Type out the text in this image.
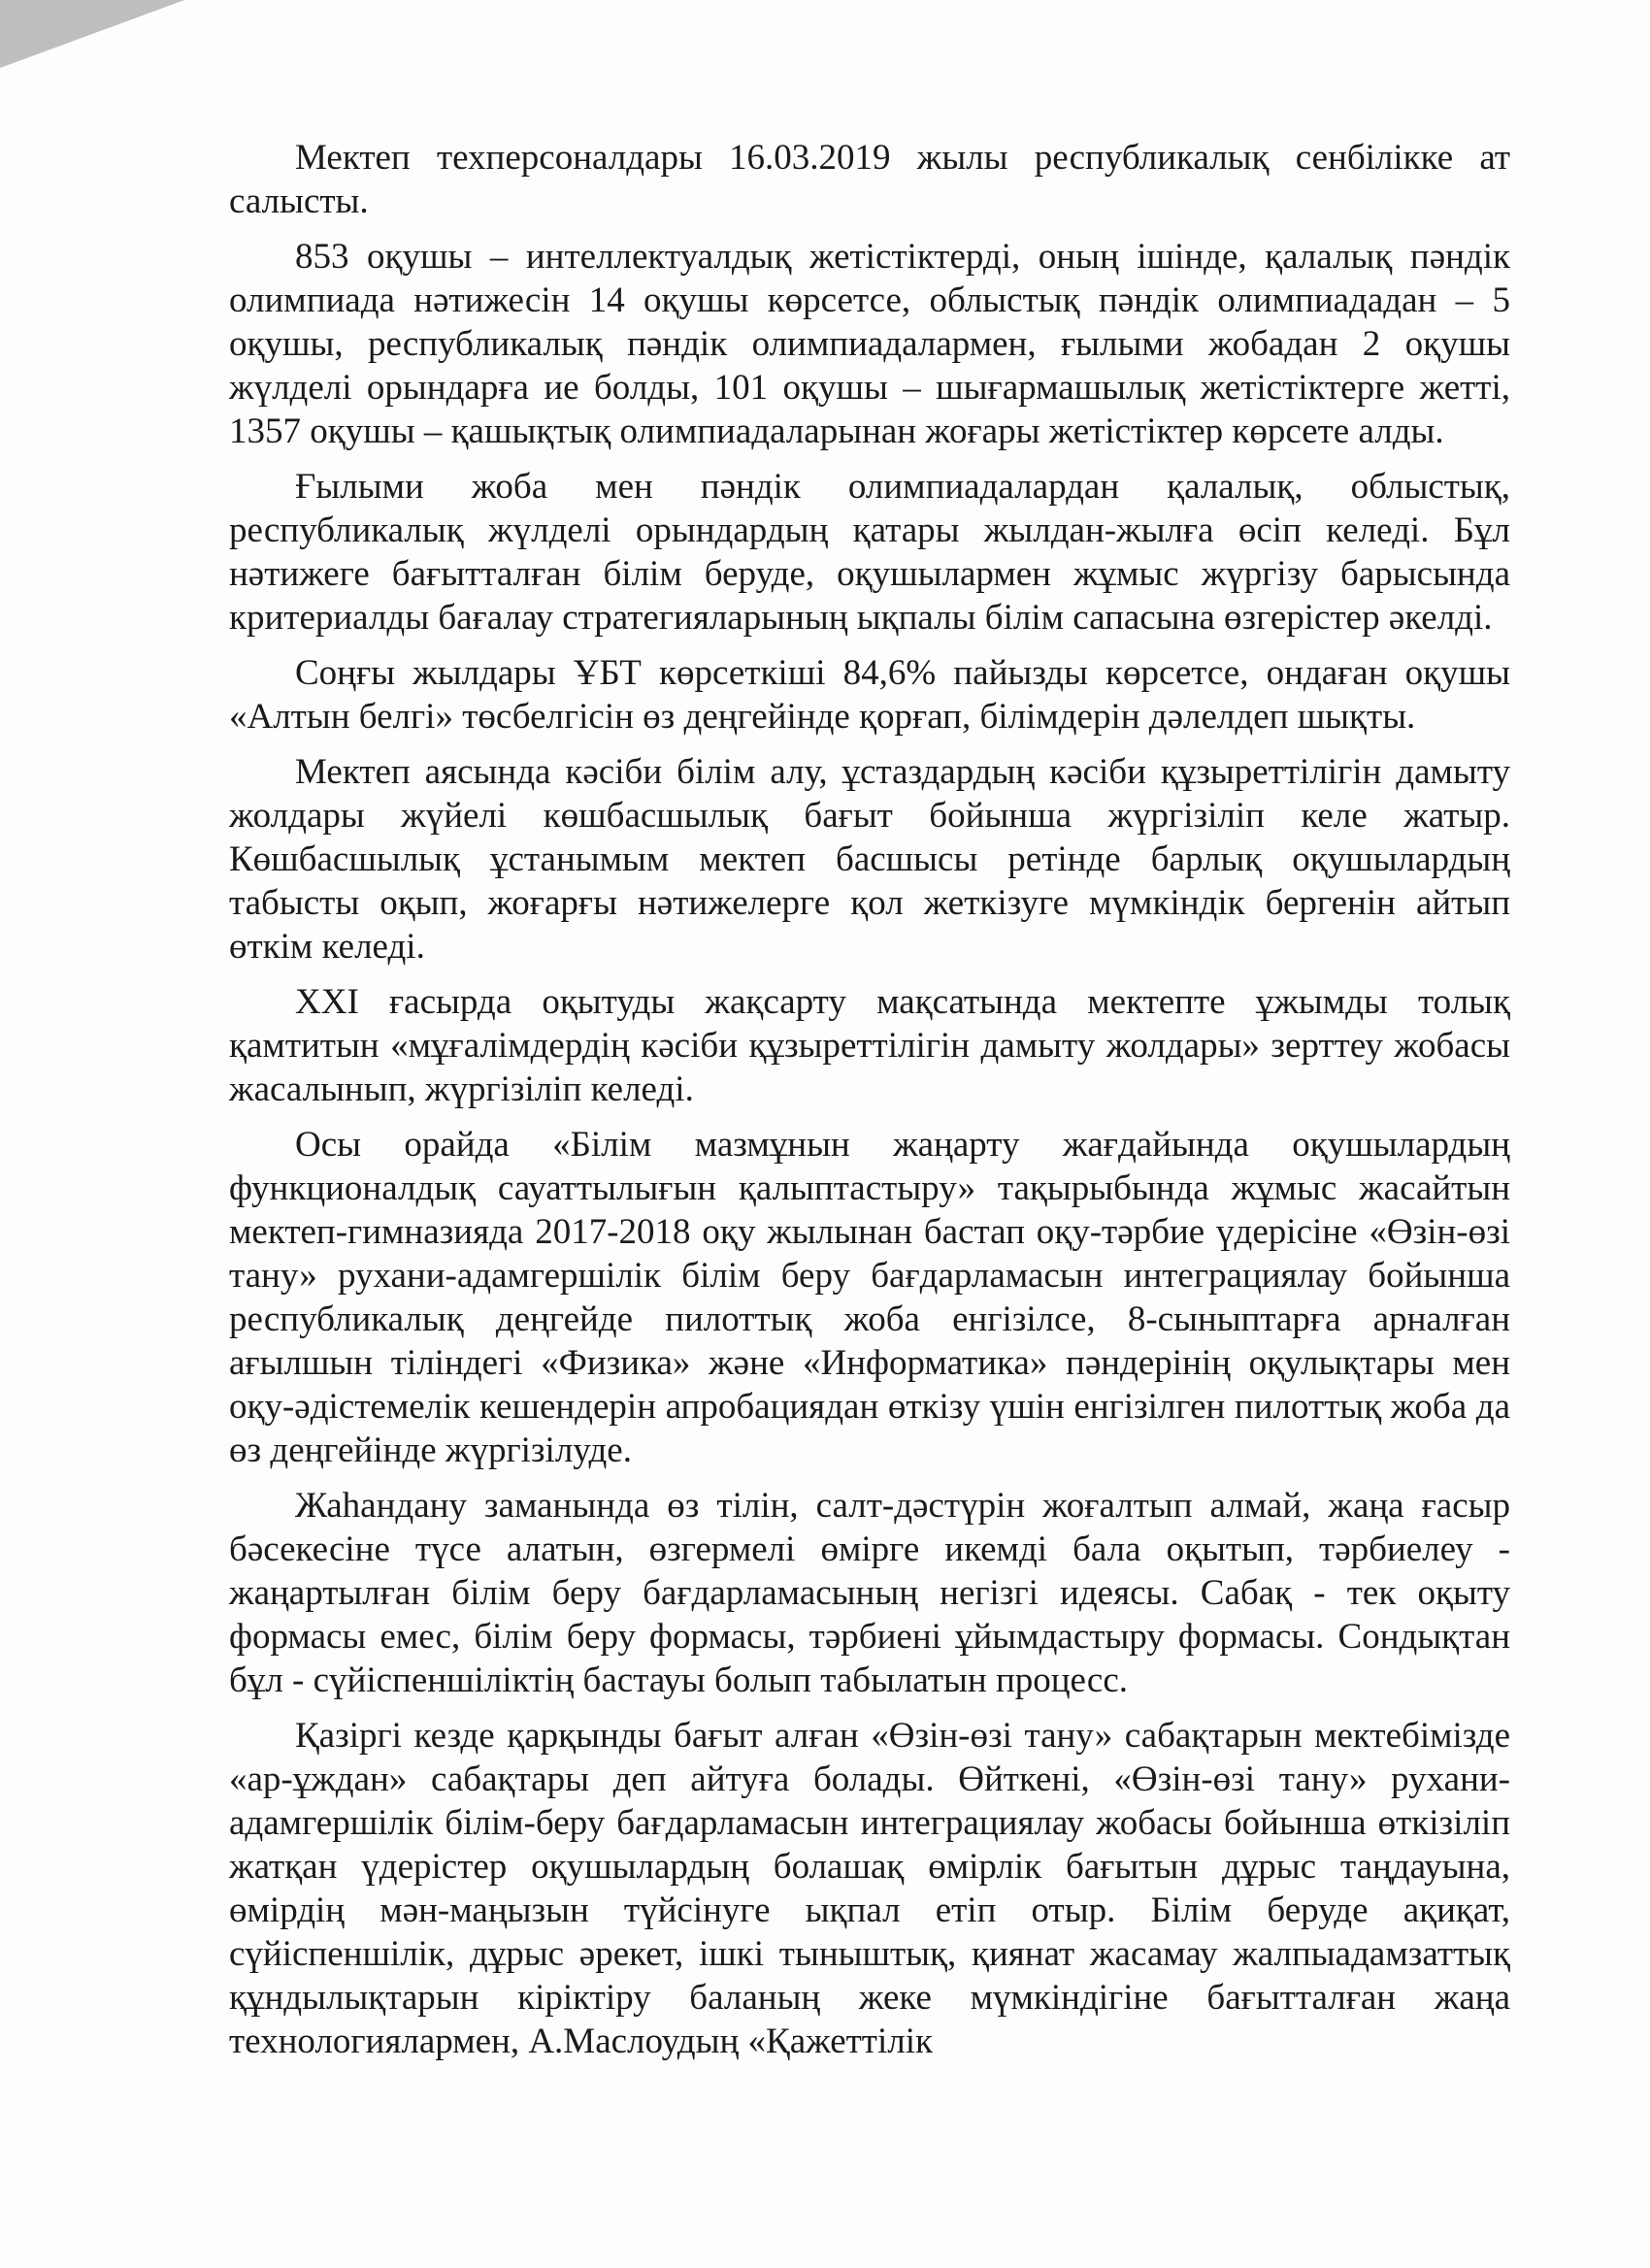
Мектеп техперсоналдары 16.03.2019 жылы республикалық сенбілікке ат салысты.

853 оқушы – интеллектуалдық жетістіктерді, оның ішінде, қалалық пәндік олимпиада нәтижесін 14 оқушы көрсетсе, облыстық пәндік олимпиададан – 5 оқушы, республикалық пәндік олимпиадалармен, ғылыми жобадан 2 оқушы жүлделі орындарға ие болды, 101 оқушы – шығармашылық жетістіктерге жетті, 1357 оқушы – қашықтық олимпиадаларынан жоғары жетістіктер көрсете алды.

Ғылыми жоба мен пәндік олимпиадалардан қалалық, облыстық, республикалық жүлделі орындардың қатары жылдан-жылға өсіп келеді. Бұл нәтижеге бағытталған білім беруде, оқушылармен жұмыс жүргізу барысында критериалды бағалау стратегияларының ықпалы білім сапасына өзгерістер әкелді.

Соңғы жылдары ҰБТ көрсеткіші 84,6% пайызды көрсетсе, ондаған оқушы «Алтын белгі» төсбелгісін өз деңгейінде қорғап, білімдерін дәлелдеп шықты.

Мектеп аясында кәсіби білім алу, ұстаздардың кәсіби құзыреттілігін дамыту жолдары жүйелі көшбасшылық бағыт бойынша жүргізіліп келе жатыр. Көшбасшылық ұстанымым мектеп басшысы ретінде барлық оқушылардың табысты оқып, жоғарғы нәтижелерге қол жеткізуге мүмкіндік бергенін айтып өткім келеді.

XXI ғасырда оқытуды жақсарту мақсатында мектепте ұжымды толық қамтитын «мұғалімдердің кәсіби құзыреттілігін дамыту жолдары» зерттеу жобасы жасалынып, жүргізіліп келеді.

Осы орайда «Білім мазмұнын жаңарту жағдайында оқушылардың функционалдық сауаттылығын қалыптастыру» тақырыбында жұмыс жасайтын мектеп-гимназияда 2017-2018 оқу жылынан бастап оқу-тәрбие үдерісіне «Өзін-өзі тану» рухани-адамгершілік білім беру бағдарламасын интеграциялау бойынша республикалық деңгейде пилоттық жоба енгізілсе, 8-сыныптарға арналған ағылшын тіліндегі «Физика» және «Информатика» пәндерінің оқулықтары мен оқу-әдістемелік кешендерін апробациядан өткізу үшін енгізілген пилоттық жоба да өз деңгейінде жүргізілуде.

Жаһандану заманында өз тілін, салт-дәстүрін жоғалтып алмай, жаңа ғасыр бәсекесіне түсе алатын, өзгермелі өмірге икемді бала оқытып, тәрбиелеу - жаңартылған білім беру бағдарламасының негізгі идеясы. Сабақ - тек оқыту формасы емес, білім беру формасы, тәрбиені ұйымдастыру формасы. Сондықтан бұл - сүйіспеншіліктің бастауы болып табылатын процесс.

Қазіргі кезде қарқынды бағыт алған «Өзін-өзі тану» сабақтарын мектебімізде «ар-ұждан» сабақтары деп айтуға болады. Өйткені, «Өзін-өзі тану» рухани-адамгершілік білім-беру бағдарламасын интеграциялау жобасы бойынша өткізіліп жатқан үдерістер оқушылардың болашақ өмірлік бағытын дұрыс таңдауына, өмірдің мән-маңызын түйсінуге ықпал етіп отыр. Білім беруде ақиқат, сүйіспеншілік, дұрыс әрекет, ішкі тыныштық, қиянат жасамау жалпыадамзаттық құндылықтарын кіріктіру баланың жеке мүмкіндігіне бағытталған жаңа технологиялармен, А.Маслоудың «Қажеттілік
